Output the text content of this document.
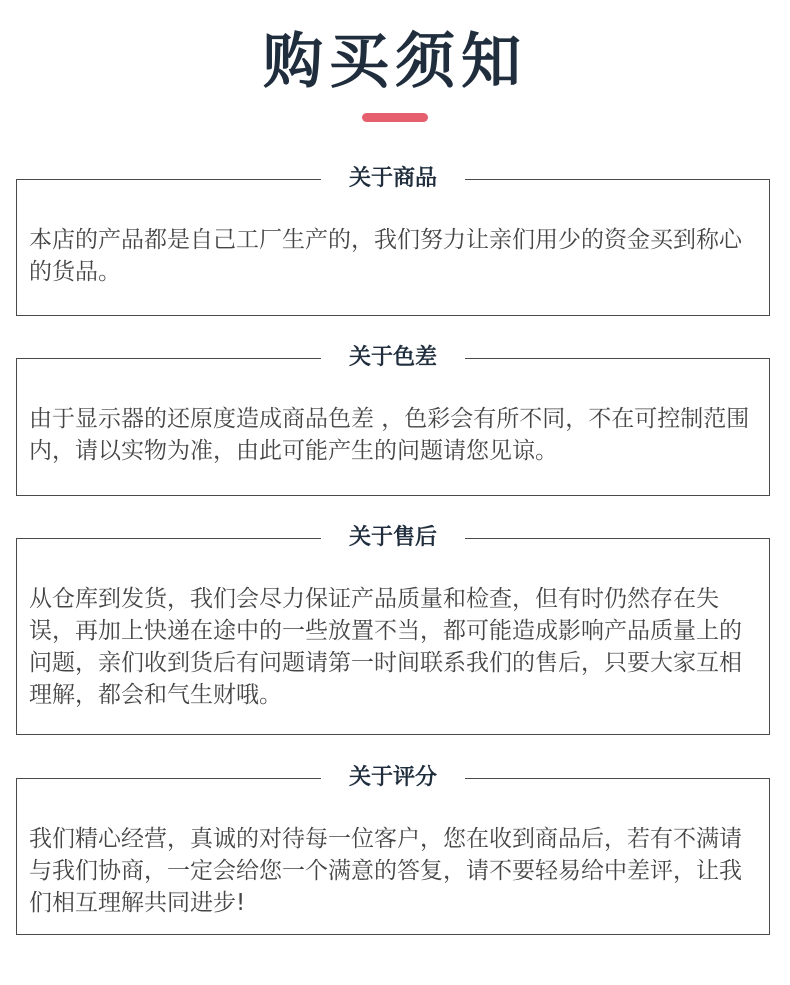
购买须知
关于商品
本店的产品都是自己工厂生产的，我们努力让亲们用少的资金买到称心的货品。
关于色差
由于显示器的还原度造成商品色差 ，色彩会有所不同，不在可控制范围内，请以实物为准，由此可能产生的问题请您见谅。
关于售后
从仓库到发货，我们会尽力保证产品质量和检查，但有时仍然存在失误，再加上快递在途中的一些放置不当，都可能造成影响产品质量上的问题，亲们收到货后有问题请第一时间联系我们的售后，只要大家互相理解，都会和气生财哦。
关于评分
我们精心经营，真诚的对待每一位客户，您在收到商品后，若有不满请与我们协商，一定会给您一个满意的答复，请不要轻易给中差评，让我们相互理解共同进步!
